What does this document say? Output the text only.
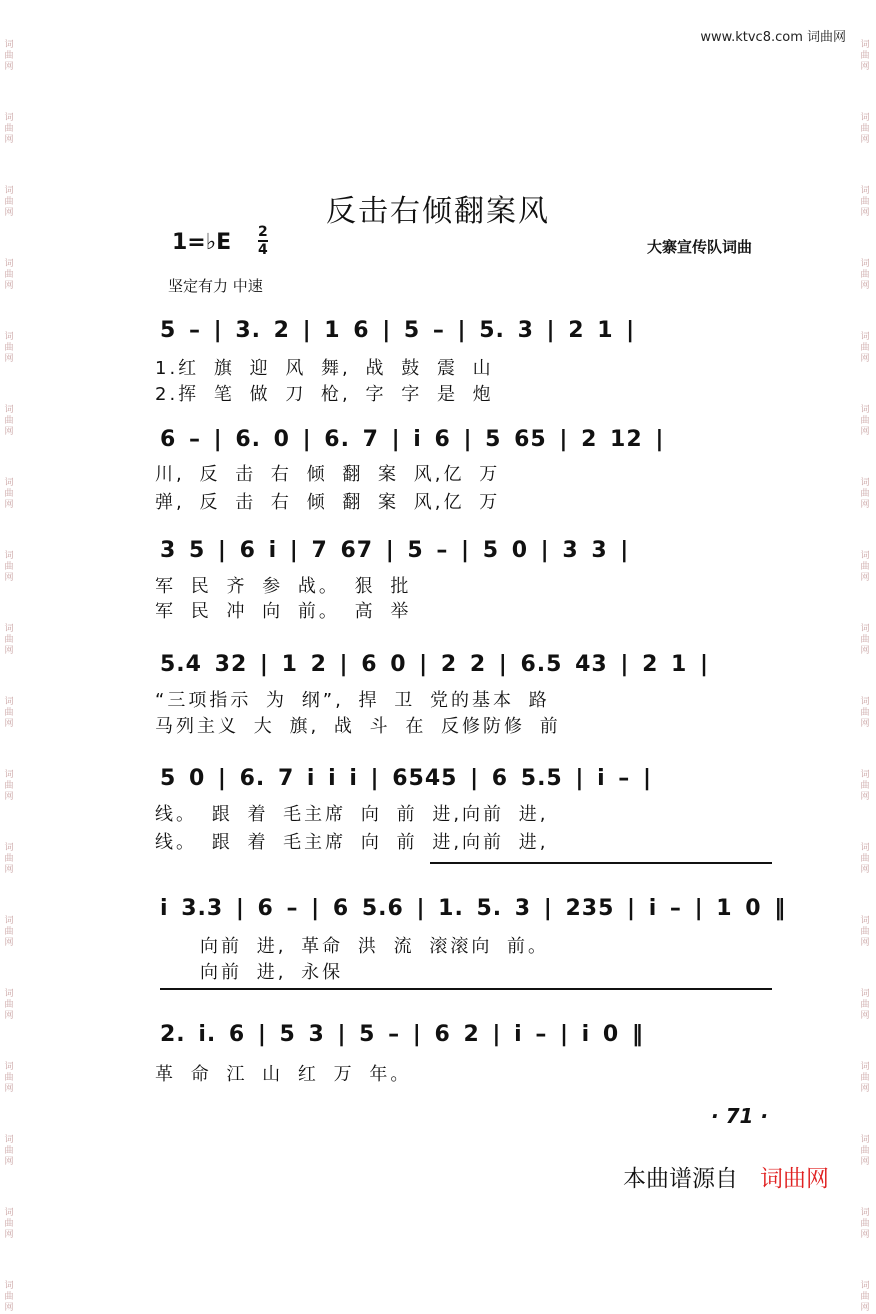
词
曲
网
词
曲
网
词
曲
网
词
曲
网
词
曲
网
词
曲
网
词
曲
网
词
曲
网
词
曲
网
词
曲
网
词
曲
网
词
曲
网
词
曲
网
词
曲
网
词
曲
网
词
曲
网
词
曲
网
词
曲
网
词
曲
网
词
曲
网
词
曲
网
词
曲
网
词
曲
网
词
曲
网
词
曲
网
词
曲
网
词
曲
网
词
曲
网
词
曲
网
词
曲
网
词
曲
网
词
曲
网
词
曲
网
词
曲
网
词
曲
网
词
曲
网
www.ktvc8.com 词曲网
反击右倾翻案风
1=♭E 2
4	大寨宣传队词曲
坚定有力 中速
5 – | 3. 2 | 1 6 | 5 – | 5. 3 | 2 1 |
1.红 旗 迎 风 舞, 战 鼓 震 山
2.挥 笔 做 刀 枪, 字 字 是 炮
6 – | 6. 0 | 6. 7 | i 6 | 5 65 | 2 12 |
川, 反 击 右 倾 翻 案 风,亿 万
弹, 反 击 右 倾 翻 案 风,亿 万
3 5 | 6 i | 7 67 | 5 – | 5 0 | 3 3 |
军 民 齐 参 战。 狠 批
军 民 冲 向 前。 高 举
5.4 32 | 1 2 | 6 0 | 2 2 | 6.5 43 | 2 1 |
“三项指示 为 纲”, 捍 卫 党的基本 路
马列主义 大 旗, 战 斗 在 反修防修 前
5 0 | 6. 7 i i i | 6545 | 6 5.5 | i – |
线。 跟 着 毛主席 向 前 进,向前 进,
线。 跟 着 毛主席 向 前 进,向前 进,
i 3.3 | 6 – | 6 5.6 | 1. 5. 3 | 235 | i – | 1 0 ‖
向前 进, 革命 洪 流 滚滚向 前。
向前 进, 永保
2. i. 6 | 5 3 | 5 – | 6 2 | i – | i 0 ‖
革 命 江 山 红 万 年。
· 71 ·
本曲谱源自 词曲网
